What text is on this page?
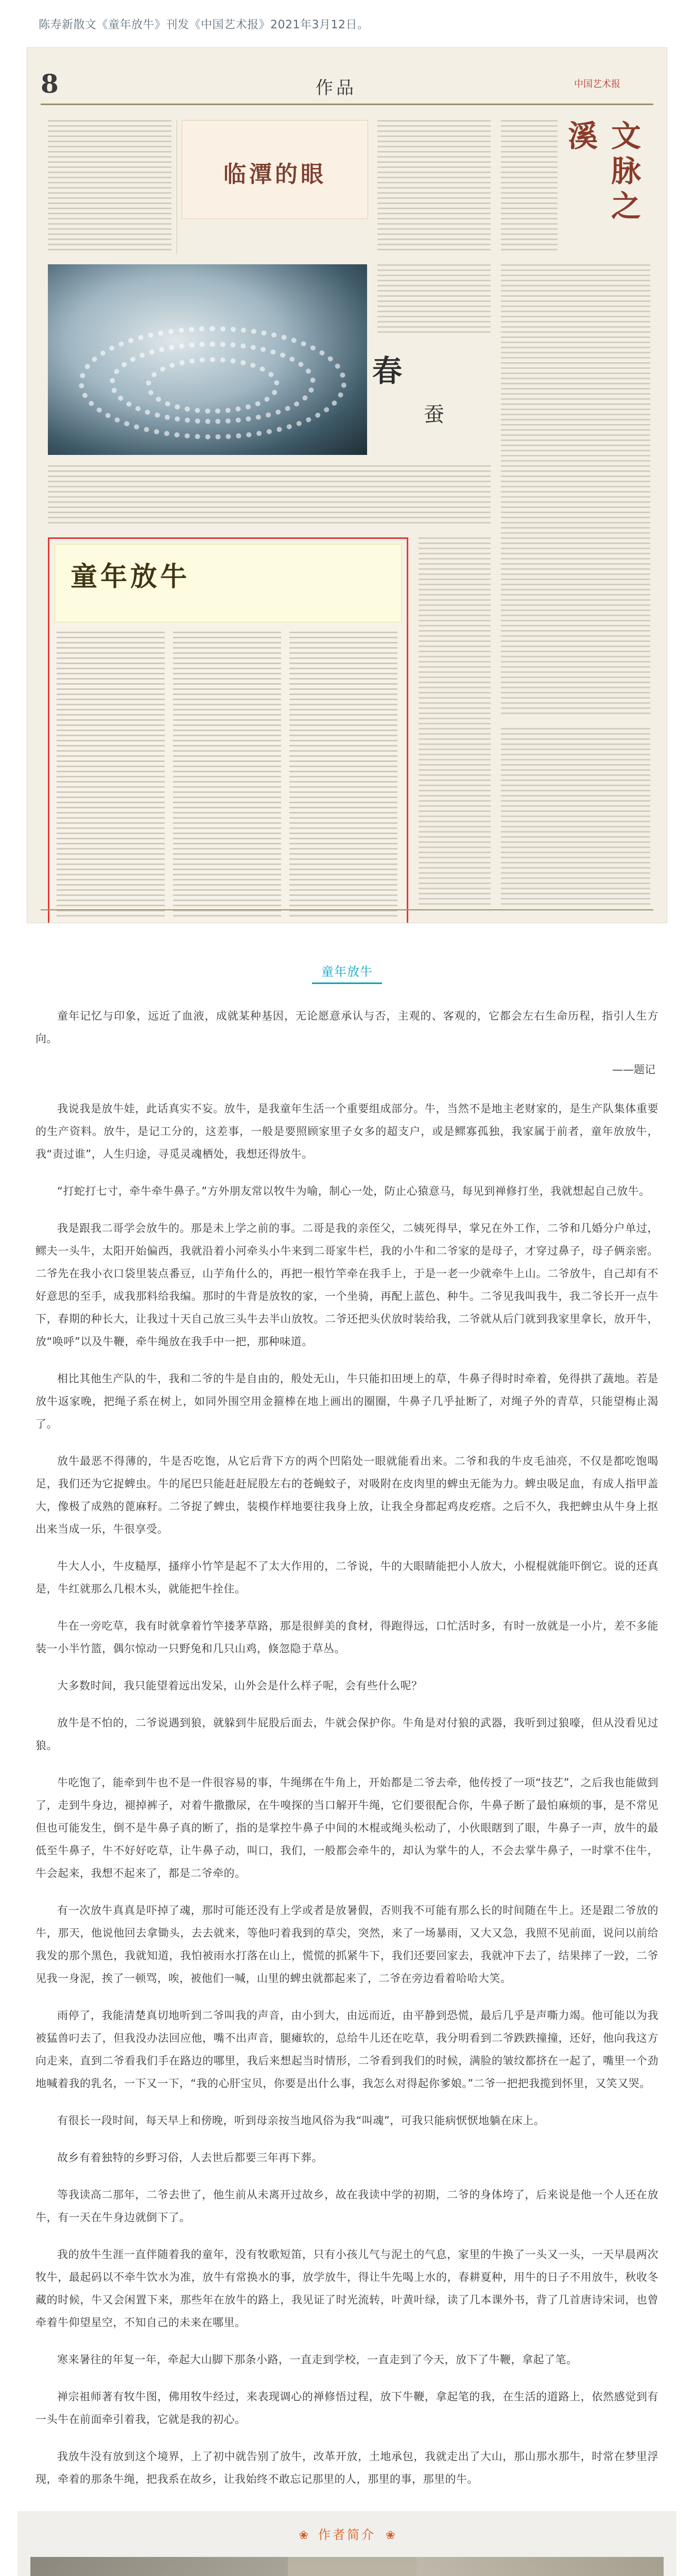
陈寿新散文《童年放牛》刊发《中国艺术报》2021年3月12日。
8	作品	中国艺术报
临潭的眼	文脉之溪
春
蚕
童年放牛
童年放牛

童年记忆与印象，远近了血液，成就某种基因，无论愿意承认与否，主观的、客观的，它都会左右生命历程，指引人生方向。

——题记

我说我是放牛娃，此话真实不妄。放牛，是我童年生活一个重要组成部分。牛，当然不是地主老财家的，是生产队集体重要的生产资料。放牛，是记工分的，这差事，一般是要照顾家里子女多的超支户，或是鳏寡孤独，我家属于前者，童年放放牛，我“责过谁”，人生归途，寻觅灵魂栖处，我想还得放牛。

“打蛇打七寸，牵牛牵牛鼻子。”方外朋友常以牧牛为喻，制心一处，防止心猿意马，每见到禅修打坐，我就想起自己放牛。

我是跟我二哥学会放牛的。那是未上学之前的事。二哥是我的亲侄父，二姨死得早，掌兄在外工作，二爷和几婚分户单过，鳏夫一头牛，太阳开始偏西，我就沿着小河牵头小牛来到二哥家牛栏，我的小牛和二爷家的是母子，才穿过鼻子，母子俩亲密。二爷先在我小衣口袋里装点番豆，山芋角什么的，再把一根竹竿牵在我手上，于是一老一少就牵牛上山。二爷放牛，自己却有不好意思的至手，成我那料给我编。那时的牛背是放牧的家，一个坐骑，再配上蓝色、种牛。二爷见我叫我牛，我二爷长开一点牛下，春期的种长大，让我过十天自己放三头牛去半山放牧。二爷还把头伏放时装给我，二爷就从后门就到我家里拿长，放开牛，放“唤呼”以及牛鞭，牵牛绳放在我手中一把，那种味道。

相比其他生产队的牛，我和二爷的牛是自由的，般处无山，牛只能扣田埂上的草，牛鼻子得时时牵着，免得拱了蔬地。若是放牛返家晚，把绳子系在树上，如同外围空用金箍棒在地上画出的圈圈，牛鼻子几乎扯断了，对绳子外的青草，只能望梅止渴了。

放牛最恶不得薄的，牛是否吃饱，从它后背下方的两个凹陷处一眼就能看出来。二爷和我的牛皮毛油亮，不仅是都吃饱喝足，我们还为它捉蜱虫。牛的尾巴只能赶赶屁股左右的苍蝇蚊子，对吸附在皮肉里的蜱虫无能为力。蜱虫吸足血，有成人指甲盖大，像极了成熟的蓖麻籽。二爷捉了蜱虫，装模作样地要往我身上放，让我全身都起鸡皮疙瘩。之后不久，我把蜱虫从牛身上抠出来当成一乐，牛很享受。

牛大人小，牛皮糙厚，搔痒小竹竿是起不了太大作用的，二爷说，牛的大眼睛能把小人放大，小棍棍就能吓倒它。说的还真是，牛红就那么几根木头，就能把牛拴住。

牛在一旁吃草，我有时就拿着竹竿搂茅草路，那是很鲜美的食材，得跑得远，口忙活时多，有时一放就是一小片，差不多能装一小半竹篮，偶尔惊动一只野兔和几只山鸡，倏忽隐于草丛。

大多数时间，我只能望着远出发呆，山外会是什么样子呢，会有些什么呢？

放牛是不怕的，二爷说遇到狼，就躲到牛屁股后面去，牛就会保护你。牛角是对付狼的武器，我听到过狼嚎，但从没看见过狼。

牛吃饱了，能牵到牛也不是一件很容易的事，牛绳绑在牛角上，开始都是二爷去牵，他传授了一项“技艺”，之后我也能做到了，走到牛身边，褪掉裤子，对着牛撒撒尿，在牛嗅探的当口解开牛绳，它们要很配合你，牛鼻子断了最怕麻烦的事，是不常见但也可能发生，倒不是牛鼻子真的断了，指的是掌控牛鼻子中间的木棍或绳头松动了，小伙眼瞎到了眼，牛鼻子一声，放牛的最低至牛鼻子，牛不好好吃草，让牛鼻子动，叫口，我们，一般都会牵牛的，却认为掌牛的人，不会去掌牛鼻子，一时掌不住牛，牛会起来，我想不起来了，都是二爷牵的。

有一次放牛真真是吓掉了魂，那时可能还没有上学或者是放暑假，否则我不可能有那么长的时间随在牛上。还是跟二爷放的牛，那天，他说他回去拿锄头，去去就来，等他叼着我到的草尖，突然，来了一场暴雨，又大又急，我照不见前面，说问以前给我发的那个黑色，我就知道，我怕被雨水打落在山上，慌慌的抓紧牛下，我们还要回家去，我就冲下去了，结果摔了一跤，二爷见我一身泥，挨了一顿骂，唉，被他们一喊，山里的蜱虫就都起来了，二爷在旁边看着哈哈大笑。

雨停了，我能清楚真切地听到二爷叫我的声音，由小到大，由远而近，由平静到恐慌，最后几乎是声嘶力竭。他可能以为我被猛兽叼去了，但我没办法回应他，嘴不出声音，腿瘫软的，总给牛儿还在吃草，我分明看到二爷跌跌撞撞，还好，他向我这方向走来，直到二爷看我们手在路边的哪里，我后来想起当时情形，二爷看到我们的时候，满脸的皱纹都挤在一起了，嘴里一个劲地喊着我的乳名，一下又一下，“我的心肝宝贝，你要是出什么事，我怎么对得起你爹娘。”二爷一把把我揽到怀里，又笑又哭。

有很长一段时间，每天早上和傍晚，听到母亲按当地风俗为我“叫魂”，可我只能病恹恹地躺在床上。

故乡有着独特的乡野习俗，人去世后都要三年再下葬。

等我读高二那年，二爷去世了，他生前从未离开过故乡，故在我读中学的初期，二爷的身体垮了，后来说是他一个人还在放牛，有一天在牛身边就倒下了。

我的放牛生涯一直伴随着我的童年，没有牧歌短笛，只有小孩儿气与泥土的气息，家里的牛换了一头又一头，一天早晨两次牧牛，最起码以不牵牛饮水为准，放牛有常换水的事，放学放牛，得让牛先喝上水的，春耕夏种，用牛的日子不用放牛，秋收冬藏的时候，牛又会闲置下来，那些年在放牛的路上，我见证了时光流转，叶黄叶绿，读了几本课外书，背了几首唐诗宋词，也曾牵着牛仰望星空，不知自己的未来在哪里。

寒来暑往的年复一年，牵起大山脚下那条小路，一直走到学校，一直走到了今天，放下了牛鞭，拿起了笔。

禅宗祖师著有牧牛图，佛用牧牛经过，来表现调心的禅修悟过程，放下牛鞭，拿起笔的我，在生活的道路上，依然感觉到有一头牛在前面牵引着我，它就是我的初心。

我放牛没有放到这个境界，上了初中就告别了放牛，改革开放，土地承包，我就走出了大山，那山那水那牛，时常在梦里浮现，牵着的那条牛绳，把我系在故乡，让我始终不敢忘记那里的人，那里的事，那里的牛。

❀ 作者简介 ❀
